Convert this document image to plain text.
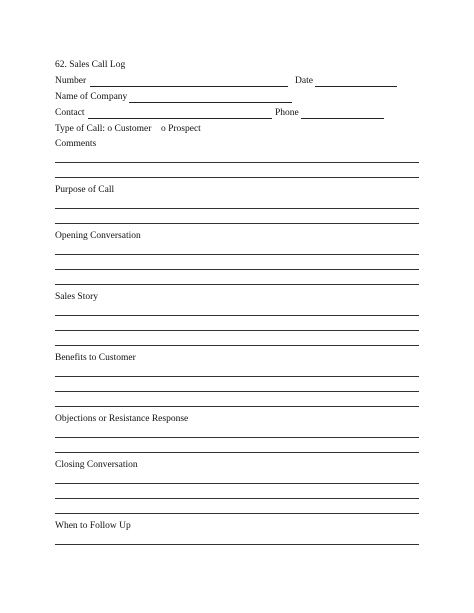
62. Sales Call Log
Number	Date
Name of Company
Contact	Phone
Type of Call: o Customer o Prospect
Comments
Purpose of Call
Opening Conversation
Sales Story
Benefits to Customer
Objections or Resistance Response
Closing Conversation
When to Follow Up
